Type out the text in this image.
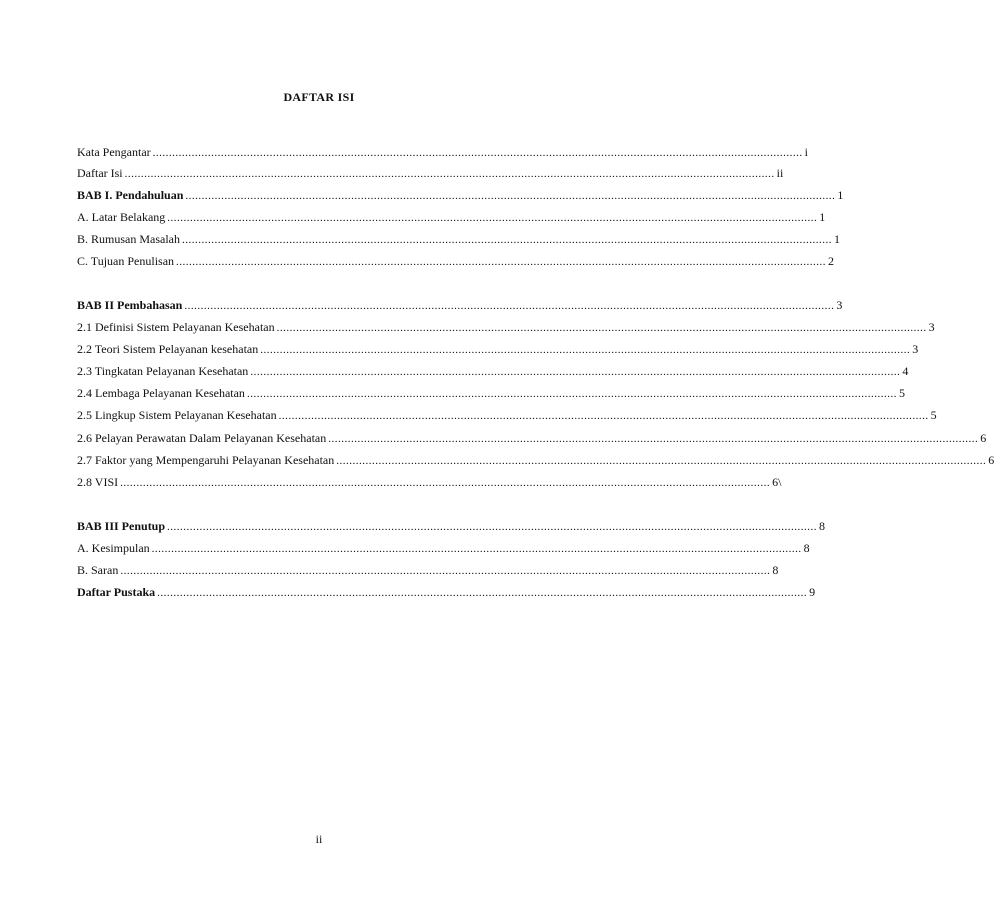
DAFTAR ISI
Kata Pengantar ........................................................................................................................................................................................................ i
Daftar Isi ........................................................................................................................................................................................................ ii
BAB I. Pendahuluan ........................................................................................................................................................................................................ 1
A. Latar Belakang ........................................................................................................................................................................................................ 1
B. Rumusan Masalah ........................................................................................................................................................................................................ 1
C. Tujuan Penulisan ........................................................................................................................................................................................................ 2
BAB II Pembahasan ........................................................................................................................................................................................................ 3
2.1 Definisi Sistem Pelayanan Kesehatan ........................................................................................................................................................................................................ 3
2.2 Teori Sistem Pelayanan kesehatan ........................................................................................................................................................................................................ 3
2.3 Tingkatan Pelayanan Kesehatan ........................................................................................................................................................................................................ 4
2.4 Lembaga Pelayanan Kesehatan ........................................................................................................................................................................................................ 5
2.5 Lingkup Sistem Pelayanan Kesehatan ........................................................................................................................................................................................................ 5
2.6 Pelayan Perawatan Dalam Pelayanan Kesehatan ........................................................................................................................................................................................................ 6
2.7 Faktor yang Mempengaruhi Pelayanan Kesehatan ........................................................................................................................................................................................................ 6
2.8 VISI ........................................................................................................................................................................................................ 6\
BAB III Penutup ........................................................................................................................................................................................................ 8
A. Kesimpulan ........................................................................................................................................................................................................ 8
B. Saran ........................................................................................................................................................................................................ 8
Daftar Pustaka ........................................................................................................................................................................................................ 9
ii
